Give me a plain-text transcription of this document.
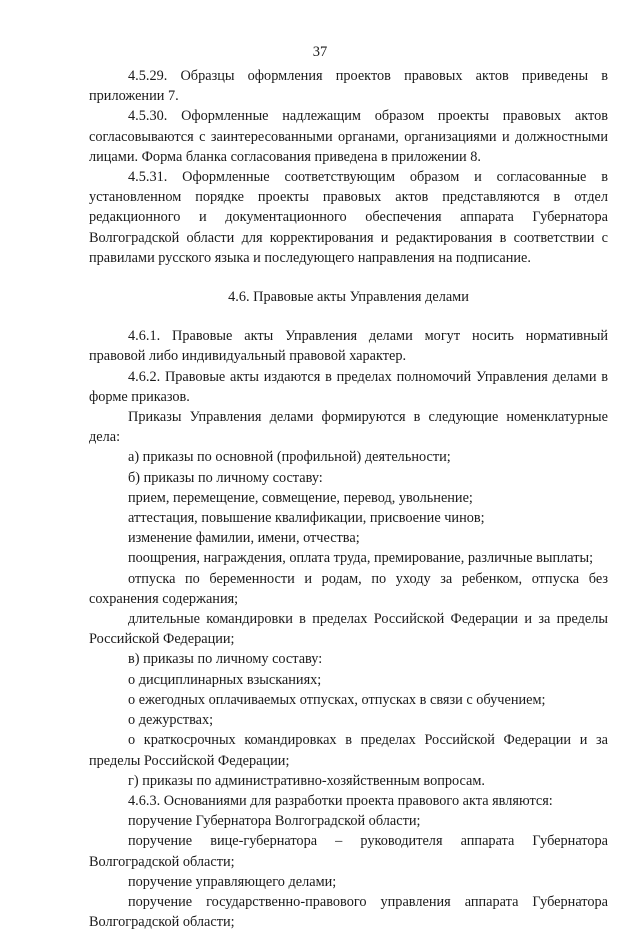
37

4.5.29. Образцы оформления проектов правовых актов приведены в приложении 7.

4.5.30. Оформленные надлежащим образом проекты правовых актов согласовываются с заинтересованными органами, организациями и должностными лицами. Форма бланка согласования приведена в приложении 8.

4.5.31. Оформленные соответствующим образом и согласованные в установленном порядке проекты правовых актов представляются в отдел редакционного и документационного обеспечения аппарата Губернатора Волгоградской области для корректирования и редактирования в соответствии с правилами русского языка и последующего направления на подписание.

4.6. Правовые акты Управления делами

4.6.1. Правовые акты Управления делами могут носить нормативный правовой либо индивидуальный правовой характер.

4.6.2. Правовые акты издаются в пределах полномочий Управления делами в форме приказов.

Приказы Управления делами формируются в следующие номенклатурные дела:

а) приказы по основной (профильной) деятельности;

б) приказы по личному составу:

прием, перемещение, совмещение, перевод, увольнение;

аттестация, повышение квалификации, присвоение чинов;

изменение фамилии, имени, отчества;

поощрения, награждения, оплата труда, премирование, различные выплаты;

отпуска по беременности и родам, по уходу за ребенком, отпуска без сохранения содержания;

длительные командировки в пределах Российской Федерации и за пределы Российской Федерации;

в) приказы по личному составу:

о дисциплинарных взысканиях;

о ежегодных оплачиваемых отпусках, отпусках в связи с обучением;

о дежурствах;

о краткосрочных командировках в пределах Российской Федерации и за пределы Российской Федерации;

г) приказы по административно-хозяйственным вопросам.

4.6.3. Основаниями для разработки проекта правового акта являются:

поручение Губернатора Волгоградской области;

поручение вице-губернатора – руководителя аппарата Губернатора Волгоградской области;

поручение управляющего делами;

поручение государственно-правового управления аппарата Губернатора Волгоградской области;
